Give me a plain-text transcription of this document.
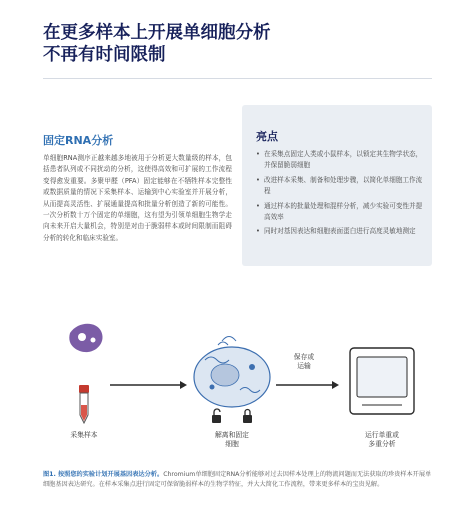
在更多样本上开展单细胞分析
不再有时间限制
固定RNA分析
单细胞RNA测序正越来越多地被用于分析更大数量级的样本，包括患者队列或不同扰动的分析，这使得高效和可扩展的工作流程变得愈发重要。多聚甲醛（PFA）固定能够在不牺牲样本完整性或数据质量的情况下采集样本、运输到中心实验室并开展分析，从而提高灵活性、扩展通量提高和批量分析创造了新的可能性。一次分析数十万个固定的单细胞，这有望为引领单细胞生物学走向未来开启大量机会，特别是对由于脆弱样本或时间限制而阻碍分析的转化和临床实验室。
亮点
• 在采集点固定人类或小鼠样本，以锁定其生物学状态，并保留脆弱细胞
• 改进样本采集、制备和处理步骤，以简化单细胞工作流程
• 通过样本的批量处理和混样分析，减少实验可变性并提高效率
• 同时对基因表达和细胞表面蛋白进行高度灵敏地测定
采集样本	解离和固定
细胞
保存或
运输
运行单重或
多重分析
图1. 按照您的实验计划开展基因表达分析。Chromium单细胞固定RNA分析能够对过去因样本处理上的物流问题而无法获取的珍贵样本开展单细胞基因表达研究。在样本采集点进行固定可保留脆弱样本的生物学特征，并大大简化工作流程，带来更多样本的宝贵见解。
